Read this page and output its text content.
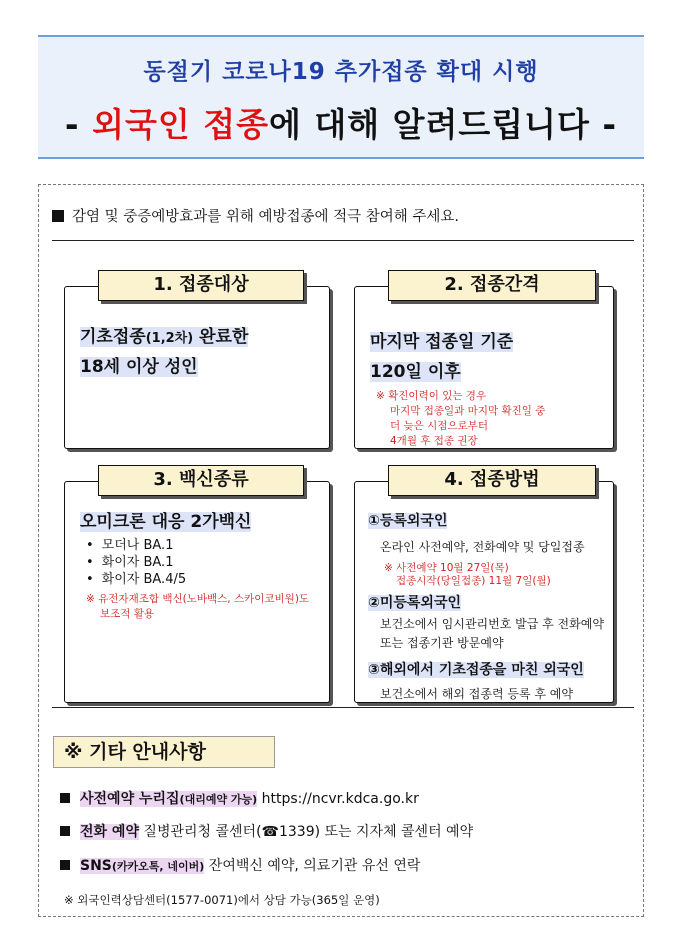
동절기 코로나19 추가접종 확대 시행
- 외국인 접종에 대해 알려드립니다 -
감염 및 중증예방효과를 위해 예방접종에 적극 참여해 주세요.
1. 접종대상
기초접종(1,2차) 완료한
18세 이상 성인
2. 접종간격
마지막 접종일 기준
120일 이후
※ 확진이력이 있는 경우
마지막 접종일과 마지막 확진일 중
더 늦은 시점으로부터
4개월 후 접종 권장
3. 백신종류
오미크론 대응 2가백신
• 모더나 BA.1
• 화이자 BA.1
• 화이자 BA.4/5
※ 유전자재조합 백신(노바백스, 스카이코비원)도
보조적 활용
4. 접종방법
①등록외국인
온라인 사전예약, 전화예약 및 당일접종
※ 사전예약 10월 27일(목)
접종시작(당일접종) 11월 7일(월)
②미등록외국인
보건소에서 임시관리번호 발급 후 전화예약
또는 접종기관 방문예약
③해외에서 기초접종을 마친 외국인
보건소에서 해외 접종력 등록 후 예약
※ 기타 안내사항
사전예약 누리집(대리예약 가능) https://ncvr.kdca.go.kr
전화 예약 질병관리청 콜센터(☎1339) 또는 지자체 콜센터 예약
SNS(카카오톡, 네이버) 잔여백신 예약, 의료기관 유선 연락
※ 외국인력상담센터(1577-0071)에서 상담 가능(365일 운영)
